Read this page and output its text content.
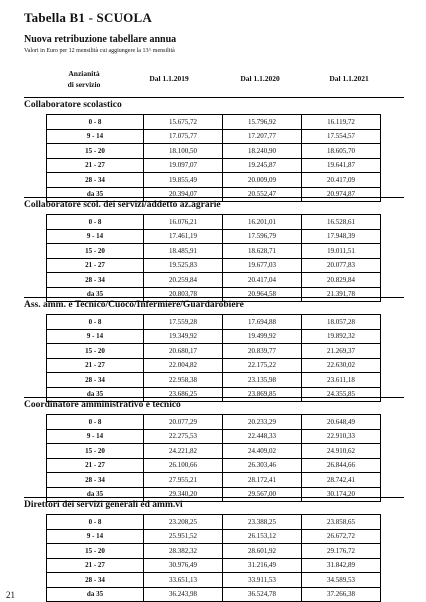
Tabella B1 - SCUOLA
Nuova retribuzione tabellare annua
Valori in Euro per 12 mensilità cui aggiungere la 13^ mensilità
Anzianità
di servizio
Dal 1.1.2019	Dal 1.1.2020	Dal 1.1.2021
Collaboratore scolastico
0 - 8	15.675,72	15.796,92	16.119,72
9 - 14	17.075,77	17.207,77	17.554,57
15 - 20	18.100,50	18.240,90	18.605,70
21 - 27	19.097,07	19.245,87	19.641,87
28 - 34	19.855,49	20.009,09	20.417,09
da 35	20.394,07	20.552,47	20.974,87
Collaboratore scol. dei servizi/addetto az.agrarie
0 - 8	16.076,21	16.201,01	16.528,61
9 - 14	17.461,19	17.596,79	17.948,39
15 - 20	18.485,91	18.628,71	19.011,51
21 - 27	19.525,83	19.677,03	20.077,83
28 - 34	20.259,84	20.417,04	20.829,84
da 35	20.803,78	20.964,58	21.391,78
Ass. amm. e Tecnico/Cuoco/Infermiere/Guardarobiere
0 - 8	17.559,28	17.694,88	18.057,28
9 - 14	19.349,92	19.499,92	19.892,32
15 - 20	20.680,17	20.839,77	21.269,37
21 - 27	22.004,82	22.175,22	22.630,02
28 - 34	22.958,38	23.135,98	23.611,18
da 35	23.686,25	23.869,85	24.355,85
Coordinatore amministrativo e tecnico
0 - 8	20.077,29	20.233,29	20.648,49
9 - 14	22.275,53	22.448,33	22.910,33
15 - 20	24.221,82	24.409,02	24.910,62
21 - 27	26.100,66	26.303,46	26.844,66
28 - 34	27.955,21	28.172,41	28.742,41
da 35	29.340,20	29.567,00	30.174,20
Direttori dei servizi generali ed amm.vi
0 - 8	23.208,25	23.388,25	23.858,65
9 - 14	25.951,52	26.153,12	26.672,72
15 - 20	28.382,32	28.601,92	29.176,72
21 - 27	30.976,49	31.216,49	31.842,89
28 - 34	33.651,13	33.911,53	34.589,53
da 35	36.243,98	36.524,78	37.266,38
21
